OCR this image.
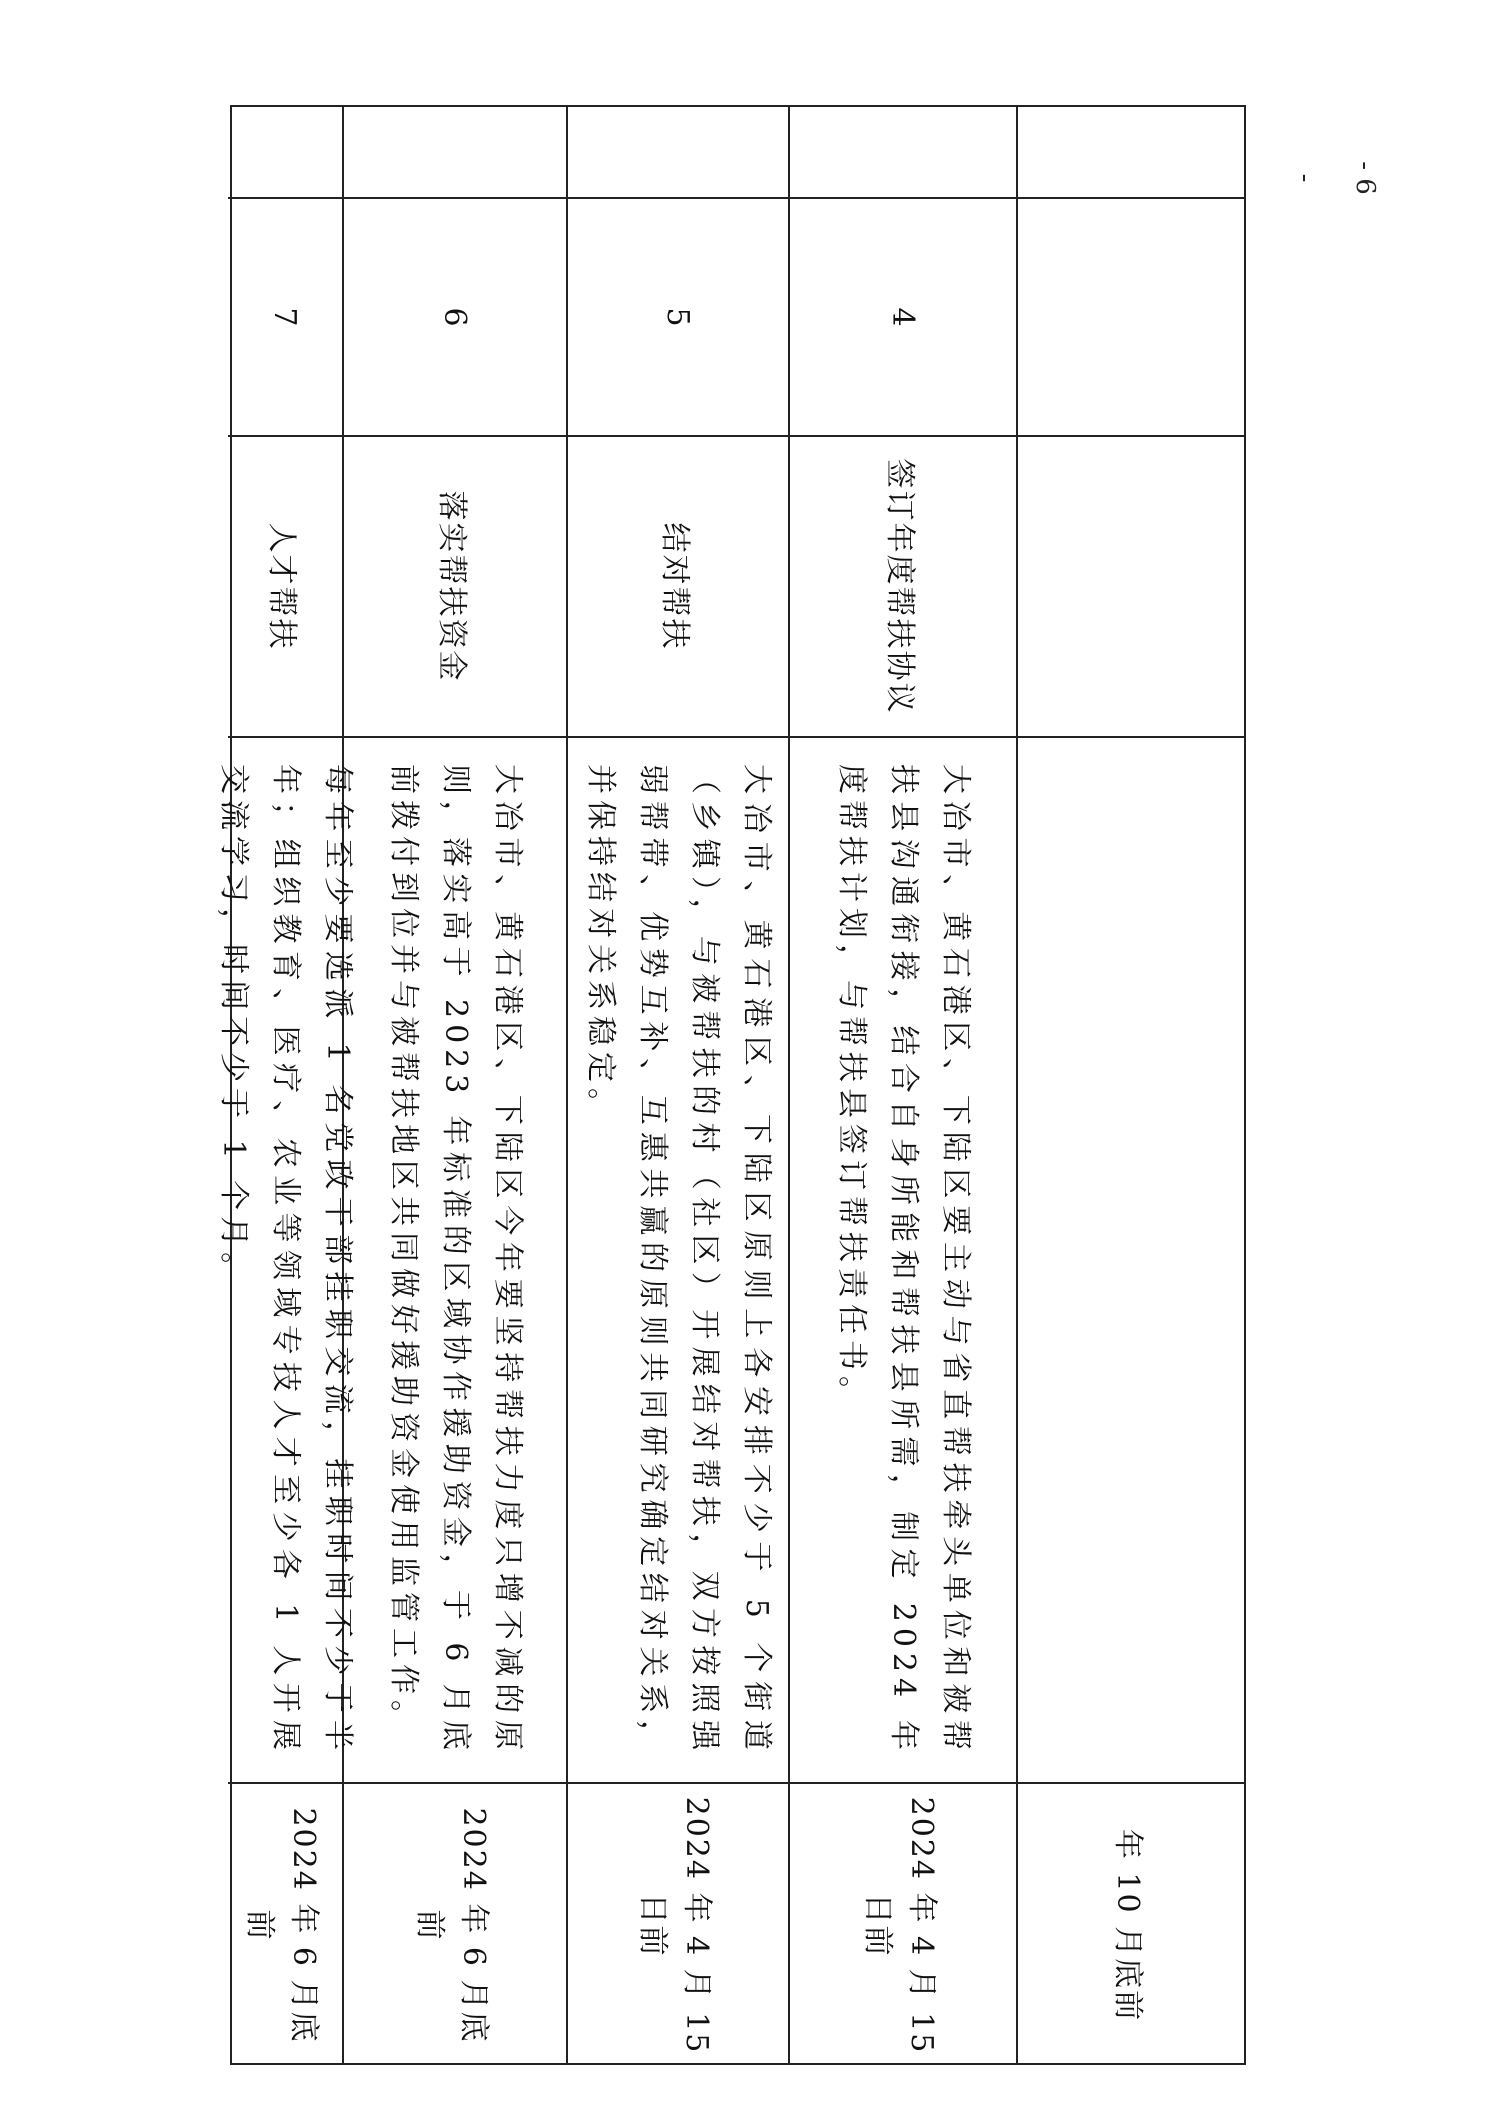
年 10 月底前
4
签订年度帮扶协议
大冶市、黄石港区、下陆区要主动与省直帮扶牵头单位和被帮扶县沟通衔接，结合自身所能和帮扶县所需，制定 2024 年度帮扶计划，与帮扶县签订帮扶责任书。
2024 年 4 月 15 日前
5
结对帮扶
大冶市、黄石港区、下陆区原则上各安排不少于 5 个街道（乡镇），与被帮扶的村（社区）开展结对帮扶，双方按照强弱帮带、优势互补、互惠共赢的原则共同研究确定结对关系，并保持结对关系稳定。
2024 年 4 月 15 日前
6
落实帮扶资金
大冶市、黄石港区、下陆区今年要坚持帮扶力度只增不减的原则，落实高于 2023 年标准的区域协作援助资金，于 6 月底前拨付到位并与被帮扶地区共同做好援助资金使用监管工作。
2024 年 6 月底前
7
人才帮扶
每年至少要选派 1 名党政干部挂职交流，挂职时间不少于半年；组织教育、医疗、农业等领域专技人才至少各 1 人开展交流学习，时间不少于 1 个月。
2024 年 6 月底前
- 6 -
